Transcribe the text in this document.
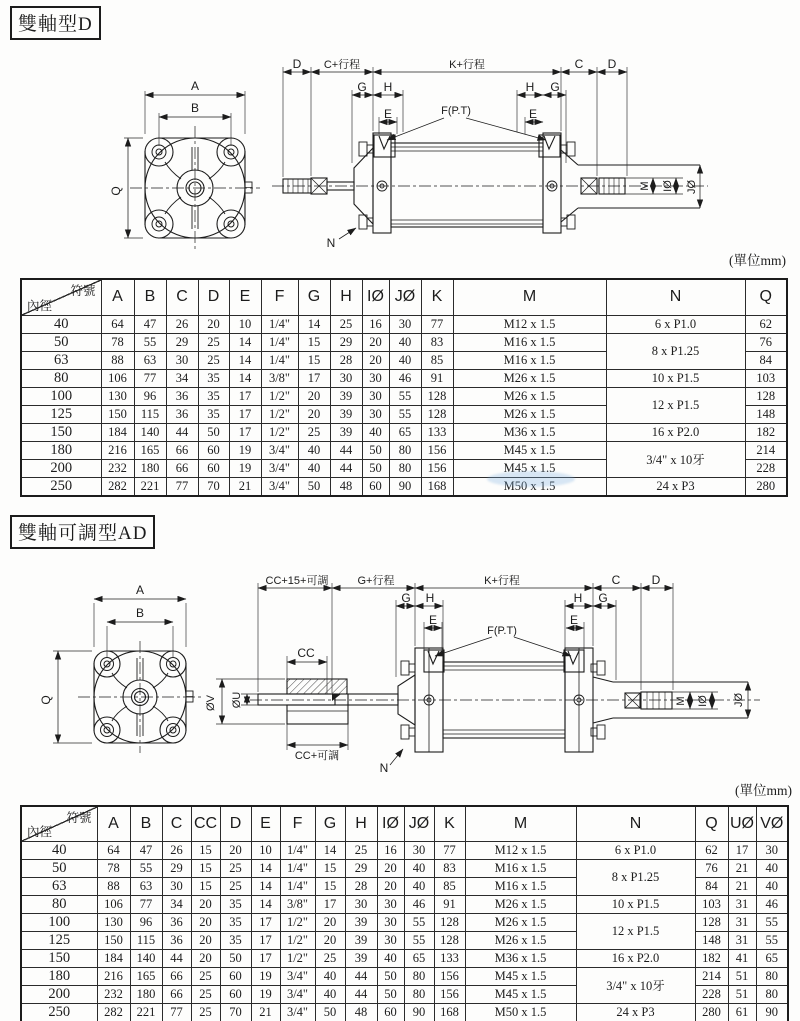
雙軸型D
A
B
Q
D C+行程	K+行程	C D
G H	H G
E	E
F(P.T)
N
M IØ JØ
(單位mm)
符號
內徑	A	B	C	D	E	F	G	H	IØ	JØ	K	M	N	Q
40	64	47	26	20	10	1/4"	14	25	16	30	77	M12 x 1.5	6 x P1.0	62
50	78	55	29	25	14	1/4"	15	29	20	40	83	M16 x 1.5	8 x P1.25	76
63	88	63	30	25	14	1/4"	15	28	20	40	85	M16 x 1.5		84
80	106	77	34	35	14	3/8"	17	30	30	46	91	M26 x 1.5	10 x P1.5	103
100	130	96	36	35	17	1/2"	20	39	30	55	128	M26 x 1.5	12 x P1.5	128
125	150	115	36	35	17	1/2"	20	39	30	55	128	M26 x 1.5		148
150	184	140	44	50	17	1/2"	25	39	40	65	133	M36 x 1.5	16 x P2.0	182
180	216	165	66	60	19	3/4"	40	44	50	80	156	M45 x 1.5	3/4" x 10牙	214
200	232	180	66	60	19	3/4"	40	44	50	80	156	M45 x 1.5		228
250	282	221	77	70	21	3/4"	50	48	60	90	168	M50 x 1.5	24 x P3	280
雙軸可調型AD
A
B
Q
CC+15+可調	G+行程	K+行程	C	D
G H	H G
E	E
F(P.T)
CC
CC+可調
N
ØV ØU	M IØ JØ
(單位mm)
符號
內徑	A	B	C	CC	D	E	F	G	H	IØ	JØ	K	M	N	Q	UØ	VØ
40	64	47	26	15	20	10	1/4"	14	25	16	30	77	M12 x 1.5	6 x P1.0	62	17	30
50	78	55	29	15	25	14	1/4"	15	29	20	40	83	M16 x 1.5	8 x P1.25	76	21	40
63	88	63	30	15	25	14	1/4"	15	28	20	40	85	M16 x 1.5		84	21	40
80	106	77	34	20	35	14	3/8"	17	30	30	46	91	M26 x 1.5	10 x P1.5	103	31	46
100	130	96	36	20	35	17	1/2"	20	39	30	55	128	M26 x 1.5	12 x P1.5	128	31	55
125	150	115	36	20	35	17	1/2"	20	39	30	55	128	M26 x 1.5		148	31	55
150	184	140	44	20	50	17	1/2"	25	39	40	65	133	M36 x 1.5	16 x P2.0	182	41	65
180	216	165	66	25	60	19	3/4"	40	44	50	80	156	M45 x 1.5	3/4" x 10牙	214	51	80
200	232	180	66	25	60	19	3/4"	40	44	50	80	156	M45 x 1.5		228	51	80
250	282	221	77	25	70	21	3/4"	50	48	60	90	168	M50 x 1.5	24 x P3	280	61	90
